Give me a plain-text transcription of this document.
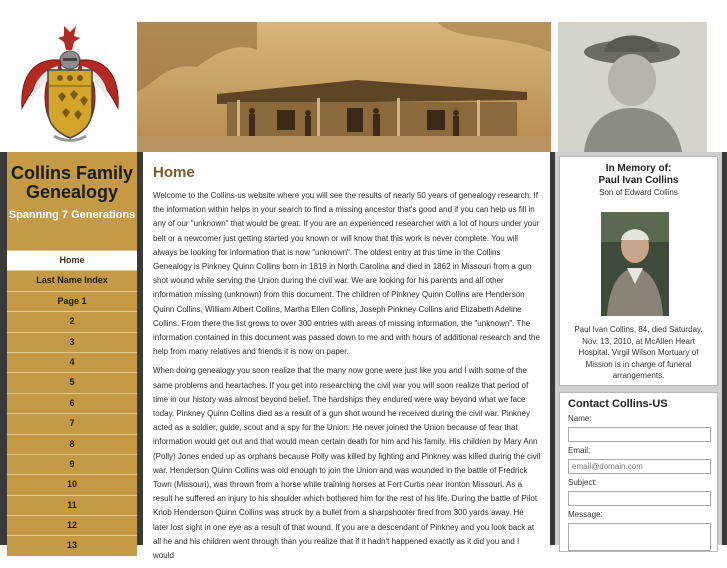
Collins Family Genealogy
Spanning 7 Generations
Home
Last Name Index
Page 1
2
3
4
5
6
7
8
9
10
11
12
13
Home

Welcome to the Collins-us website where you will see the results of nearly 50 years of genealogy research. If the information within helps in your search to find a missing ancestor that's good and if you can help us fill in any of our "unknown" that would be great. If you are an experienced researcher with a lot of hours under your belt or a newcomer just getting started you known or will know that this work is never complete. You will always be looking for information that is now "unknown". The oldest entry at this time in the Collins Genealogy is Pinkney Quinn Collins born in 1819 in North Carolina and died in 1862 in Missouri from a gun shot wound while serving the Union during the civil war. We are looking for his parents and all other information missing (unknown) from this document. The children of Pinkney Quinn Collins are Henderson Quinn Collins, William Albert Collins, Martha Ellen Collins, Joseph Pinkney Collins and Elizabeth Adeline Collins. From there the list grows to over 300 entries with areas of missing information, the "unknown". The information contained in this document was passed down to me and with hours of additional research and the help from many relatives and friends it is now on paper.

When doing genealogy you soon realize that the many now gone were just like you and I with some of the same problems and heartaches. If you get into researching the civil war you will soon realize that period of time in our history was almost beyond belief. The hardships they endured were way beyond what we face today. Pinkney Quinn Collins died as a result of a gun shot wound he received during the civil war. Pinkney acted as a soldier, guide, scout and a spy for the Union. He never joined the Union because of fear that information would get out and that would mean certain death for him and his family. His children by Mary Ann (Polly) Jones ended up as orphans because Polly was killed by lighting and Pinkney was killed during the civil war. Henderson Quinn Collins was old enough to join the Union and was wounded in the battle of Fredrick Town (Missouri), was thrown from a horse while training horses at Fort Curtis near Ironton Missouri. As a result he suffered an injury to his shoulder which bothered him for the rest of his life. During the battle of Pilot Knob Henderson Quinn Collins was struck by a bullet from a sharpshooter fired from 300 yards away. He later lost sight in one eye as a result of that wound. If you are a descendant of Pinkney and you look back at all he and his children went through than you realize that if it hadn't happened exactly as it did you and I would

In Memory of:
Paul Ivan Collins
Son of Edward Collins
Paul Ivan Collins, 84, died Saturday, Nov. 13, 2010, at McAllen Heart Hospital. Virgil Wilson Mortuary of Mission is in charge of funeral arrangements.
Contact Collins-US
Name:
Email:
email@domain.com
Subject:
Message:
